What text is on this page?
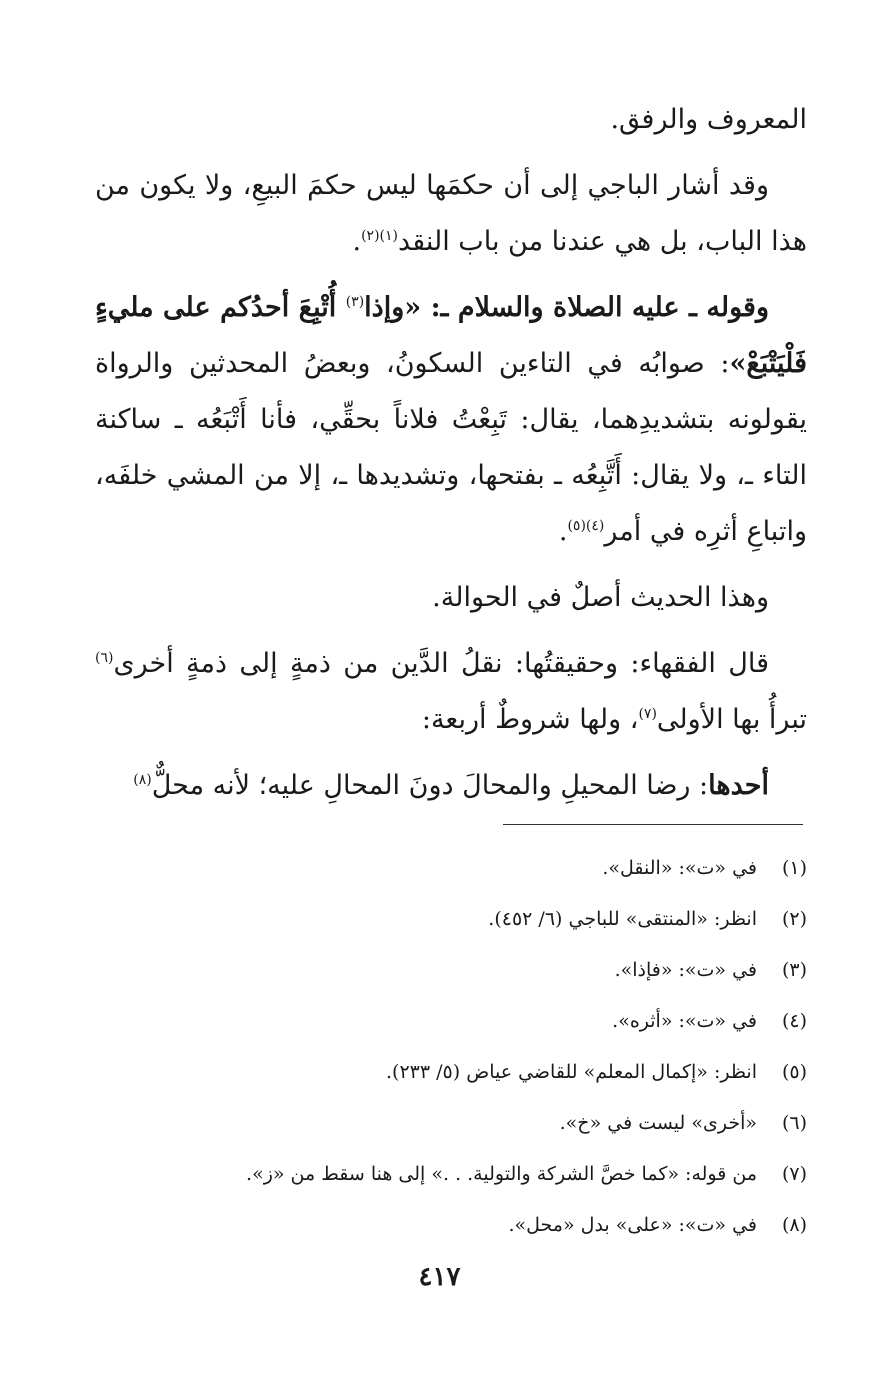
المعروف والرفق.

وقد أشار الباجي إلى أن حكمَها ليس حكمَ البيعِ، ولا يكون من هذا الباب، بل هي عندنا من باب النقد$^{(١)(٢)}$.

وقوله ـ عليه الصلاة والسلام ـ: «وإذا$^{(٣)}$ أُتْبِعَ أحدُكم على مليءٍ فَلْيَتْبَعْ»: صوابُه في التاءين السكونُ، وبعضُ المحدثين والرواة يقولونه بتشديدِهما، يقال: تَبِعْتُ فلاناً بحقِّي، فأنا أَتْبَعُه ـ ساكنة التاء ـ، ولا يقال: أَتَّبِعُه ـ بفتحها، وتشديدها ـ، إلا من المشي خلفَه، واتباعِ أثرِه في أمر$^{(٤)(٥)}$.

وهذا الحديث أصلٌ في الحوالة.

قال الفقهاء: وحقيقتُها: نقلُ الدَّين من ذمةٍ إلى ذمةٍ أخرى$^{(٦)}$ تبرأُ بها الأولى$^{(٧)}$، ولها شروطٌ أربعة:

أحدها: رضا المحيلِ والمحالَ دونَ المحالِ عليه؛ لأنه محلٌّ$^{(٨)}$

(١)في «ت»: «النقل».
(٢)انظر: «المنتقى» للباجي (٦/ ٤٥٢).
(٣)في «ت»: «فإذا».
(٤)في «ت»: «أثره».
(٥)انظر: «إكمال المعلم» للقاضي عياض (٥/ ٢٣٣).
(٦)«أخرى» ليست في «خ».
(٧)من قوله: «كما خصَّ الشركة والتولية. . .» إلى هنا سقط من «ز».
(٨)في «ت»: «على» بدل «محل».
٤١٧
